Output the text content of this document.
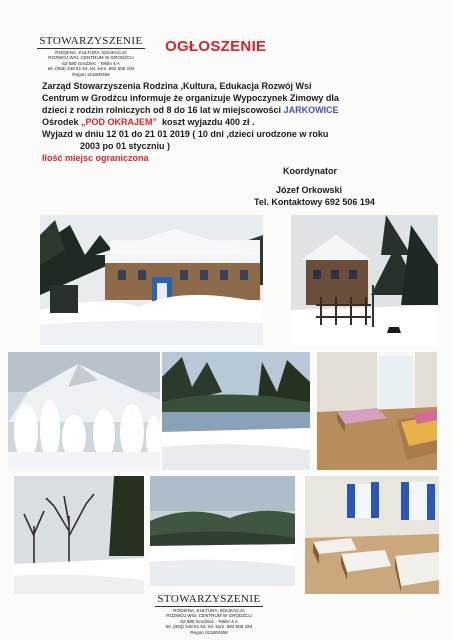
STOWARZYSZENIE
RODZINA, KULTURA, EDUKACJA
ROZWÓJ WSI, CENTRUM W GRODŹCU
62-580 Grodziec - Teklin 4 A
tel. (063) 248 51 64, tel. kom. 692 506 194
Regon 311800458
OGŁOSZENIE
Zarząd Stowarzyszenia Rodzina ,Kultura, Edukacja Rozwój Wsi
Centrum w Grodźcu informuje że organizuje Wypoczynek Zimowy dla
dzieci z rodzin rolniczych od 8 do 16 lat w miejscowości JARKOWICE
Ośrodek „POD OKRAJEM”  koszt wyjazdu 400 zł .
Wyjazd w dniu 12 01 do 21 01 2019 ( 10 dni ,dzieci urodzone w roku
2003 po 01 styczniu )
Ilość miejsc ograniczona
Koordynator
Józef Orkowski
Tel. Kontaktowy 692 506 194
STOWARZYSZENIE
RODZINA, KULTURA, EDUKACJA
ROZWÓJ WSI, CENTRUM W GRODŹCU
62-580 Grodziec - Teklin 4 A
tel. (063) 248 51 64, tel. kom. 692 506 194
Regon 311800458
